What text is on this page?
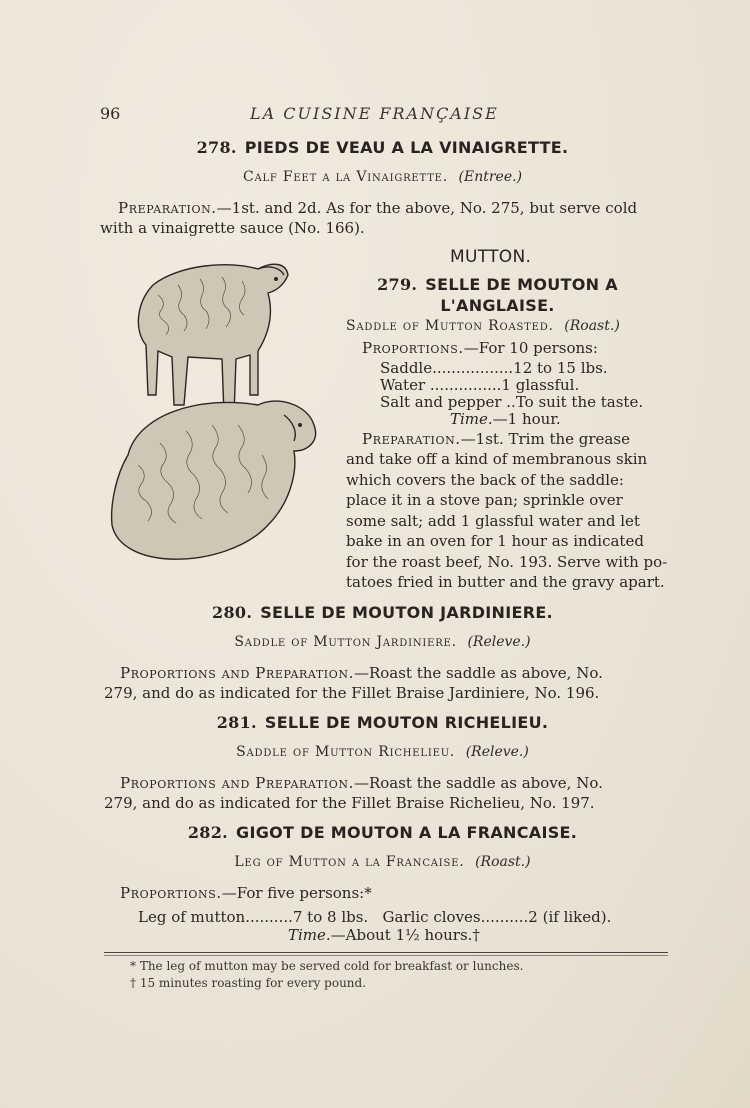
96	LA CUISINE FRANÇAISE
278. PIEDS DE VEAU A LA VINAIGRETTE.
Calf Feet a la Vinaigrette. (Entree.)
Preparation.—1st. and 2d. As for the above, No. 275, but serve cold
with a vinaigrette sauce (No. 166).
MUTTON.
279. SELLE DE MOUTON A
L'ANGLAISE.
Saddle of Mutton Roasted. (Roast.)
Proportions.—For 10 persons:
Saddle.................12 to 15 lbs.
Water ...............1 glassful.
Salt and pepper ..To suit the taste.
Time.—1 hour.
Preparation.—1st. Trim the grease
and take off a kind of membranous skin
which covers the back of the saddle:
place it in a stove pan; sprinkle over
some salt; add 1 glassful water and let
bake in an oven for 1 hour as indicated
for the roast beef, No. 193. Serve with po-
tatoes fried in butter and the gravy apart.
280. SELLE DE MOUTON JARDINIERE.
Saddle of Mutton Jardiniere. (Releve.)
Proportions and Preparation.—Roast the saddle as above, No.
279, and do as indicated for the Fillet Braise Jardiniere, No. 196.
281. SELLE DE MOUTON RICHELIEU.
Saddle of Mutton Richelieu. (Releve.)
Proportions and Preparation.—Roast the saddle as above, No.
279, and do as indicated for the Fillet Braise Richelieu, No. 197.
282. GIGOT DE MOUTON A LA FRANCAISE.
Leg of Mutton a la Francaise. (Roast.)
Proportions.—For five persons:*
Leg of mutton..........7 to 8 lbs.   Garlic cloves..........2 (if liked).
Time.—About 1½ hours.†
* The leg of mutton may be served cold for breakfast or lunches.
† 15 minutes roasting for every pound.
